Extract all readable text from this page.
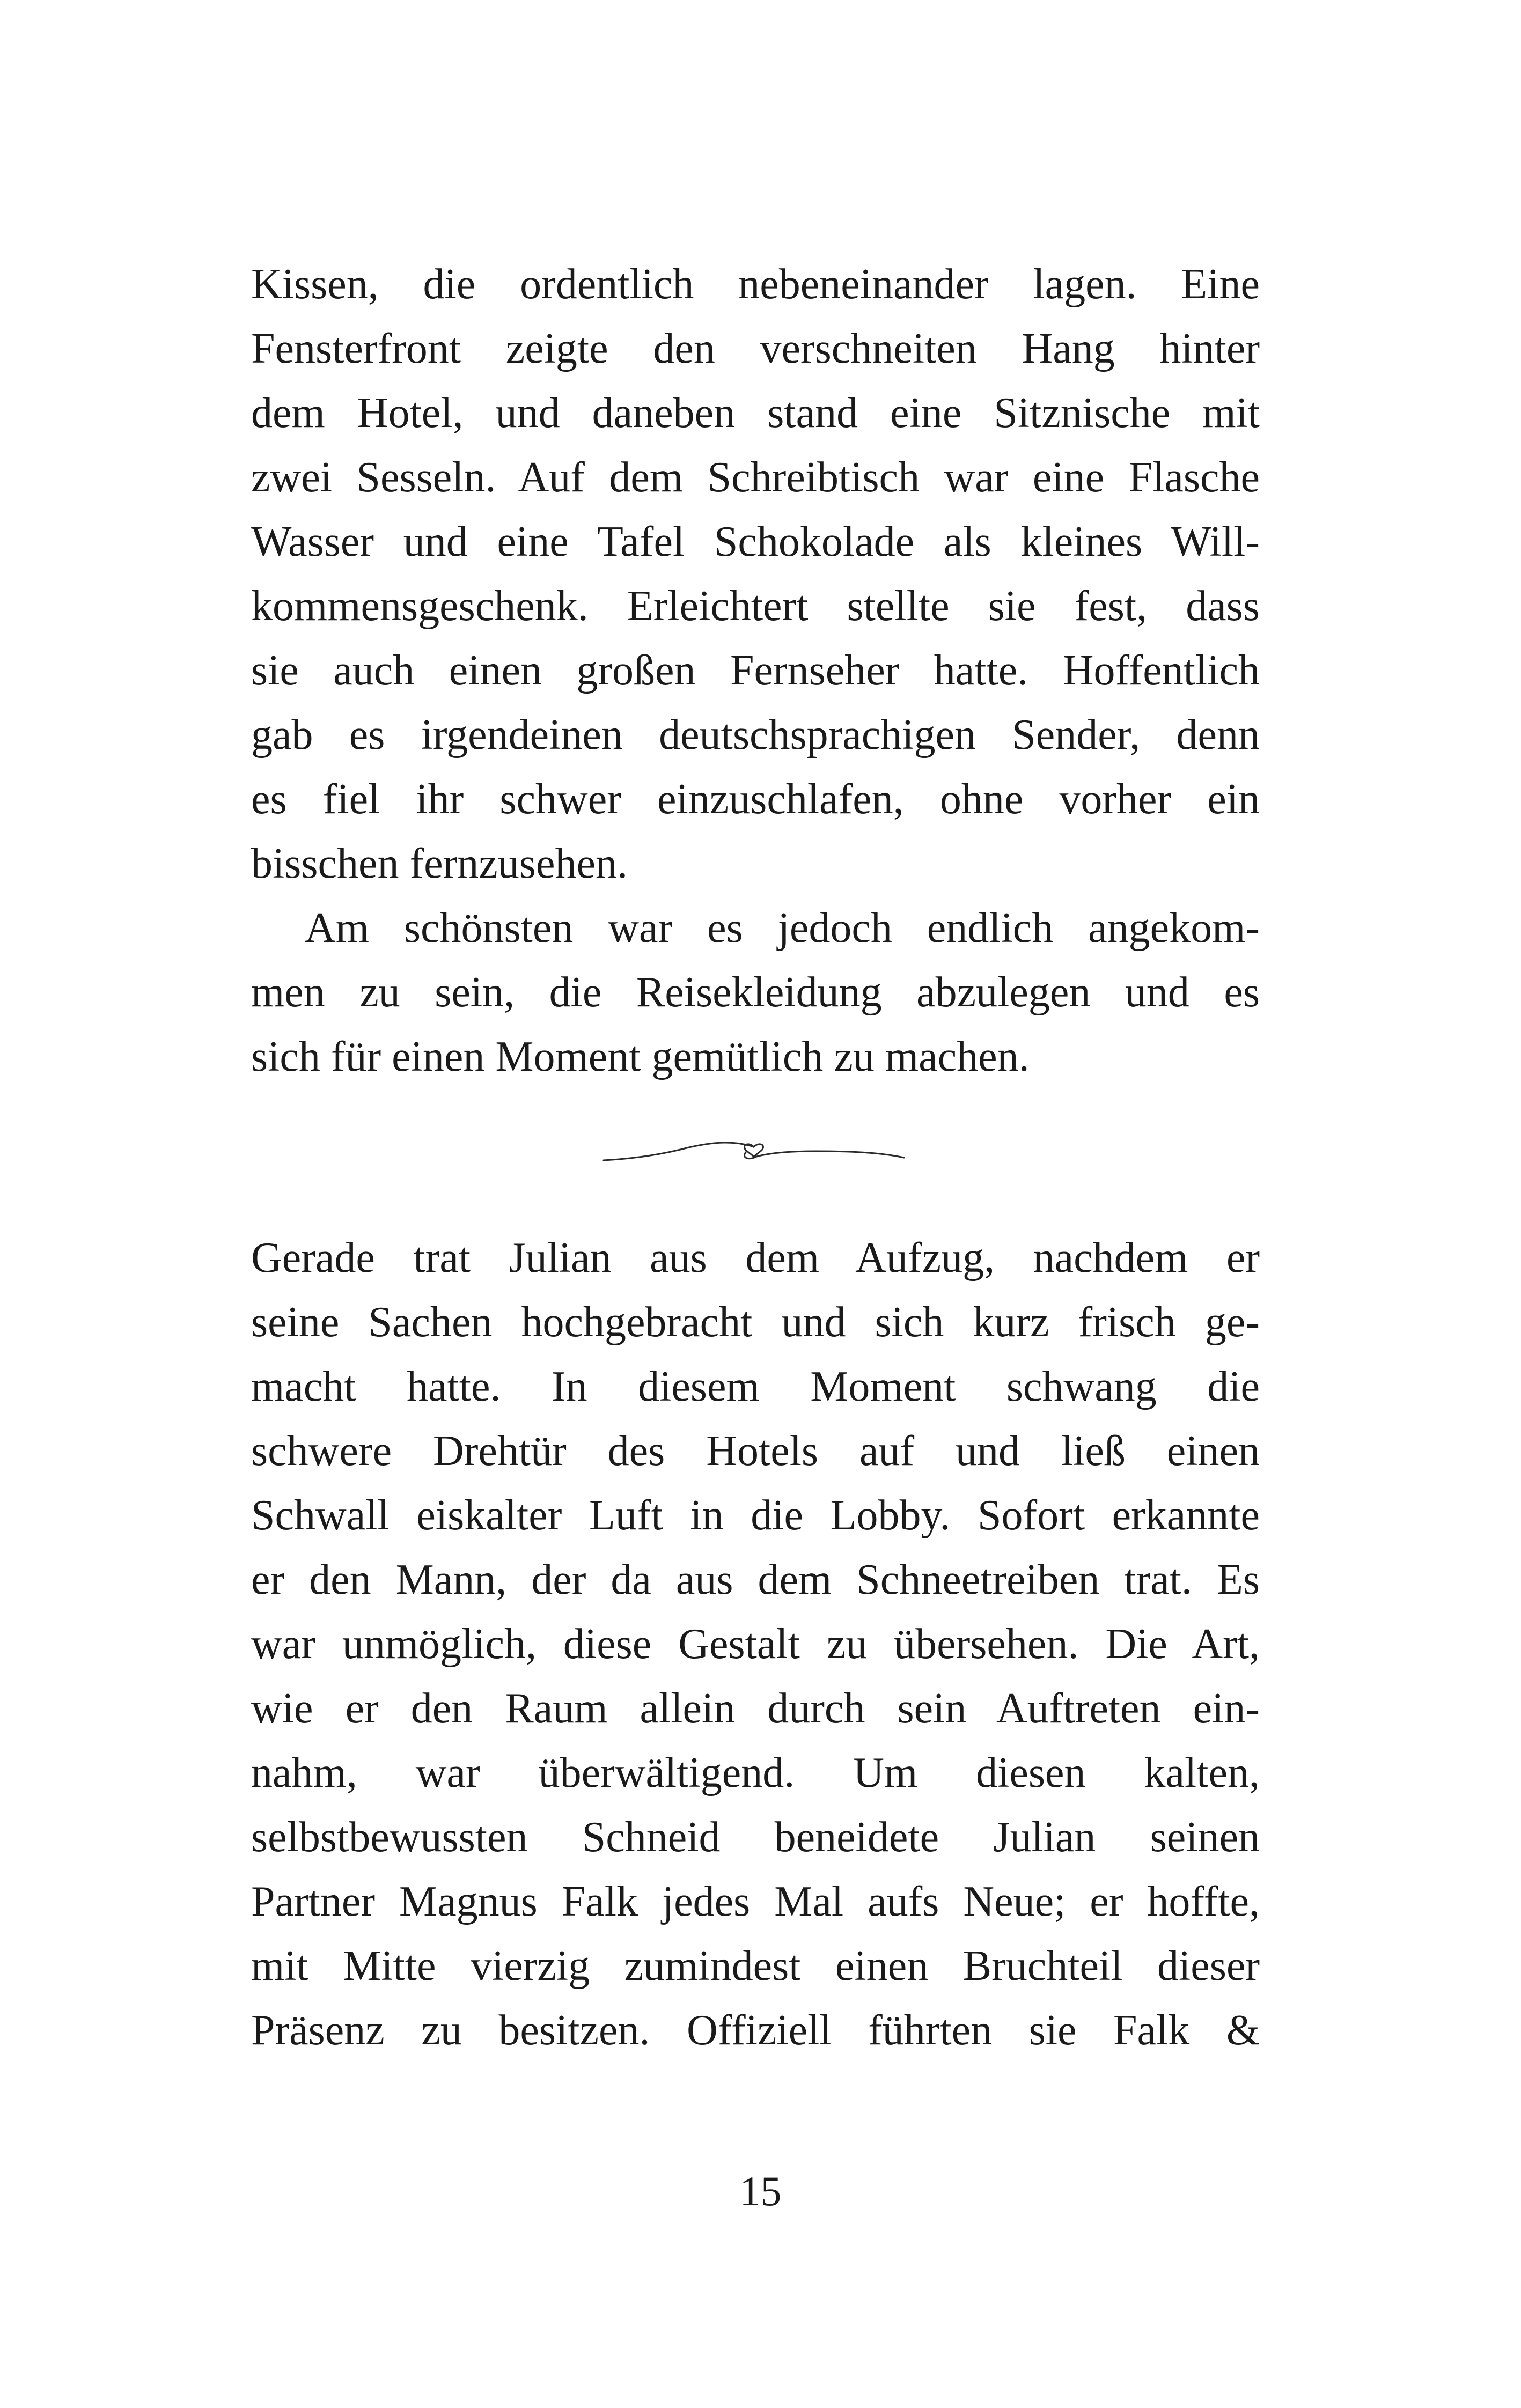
Kissen, die ordentlich nebeneinander lagen. Eine
Fensterfront zeigte den verschneiten Hang hinter
dem Hotel, und daneben stand eine Sitznische mit
zwei Sesseln. Auf dem Schreibtisch war eine Flasche
Wasser und eine Tafel Schokolade als kleines Will-
kommensgeschenk. Erleichtert stellte sie fest, dass
sie auch einen großen Fernseher hatte. Hoffentlich
gab es irgendeinen deutschsprachigen Sender, denn
es fiel ihr schwer einzuschlafen, ohne vorher ein
bisschen fernzusehen.
Am schönsten war es jedoch endlich angekom-
men zu sein, die Reisekleidung abzulegen und es
sich für einen Moment gemütlich zu machen.
Gerade trat Julian aus dem Aufzug, nachdem er
seine Sachen hochgebracht und sich kurz frisch ge-
macht hatte. In diesem Moment schwang die
schwere Drehtür des Hotels auf und ließ einen
Schwall eiskalter Luft in die Lobby. Sofort erkannte
er den Mann, der da aus dem Schneetreiben trat. Es
war unmöglich, diese Gestalt zu übersehen. Die Art,
wie er den Raum allein durch sein Auftreten ein-
nahm, war überwältigend. Um diesen kalten,
selbstbewussten Schneid beneidete Julian seinen
Partner Magnus Falk jedes Mal aufs Neue; er hoffte,
mit Mitte vierzig zumindest einen Bruchteil dieser
Präsenz zu besitzen. Offiziell führten sie Falk &
15
